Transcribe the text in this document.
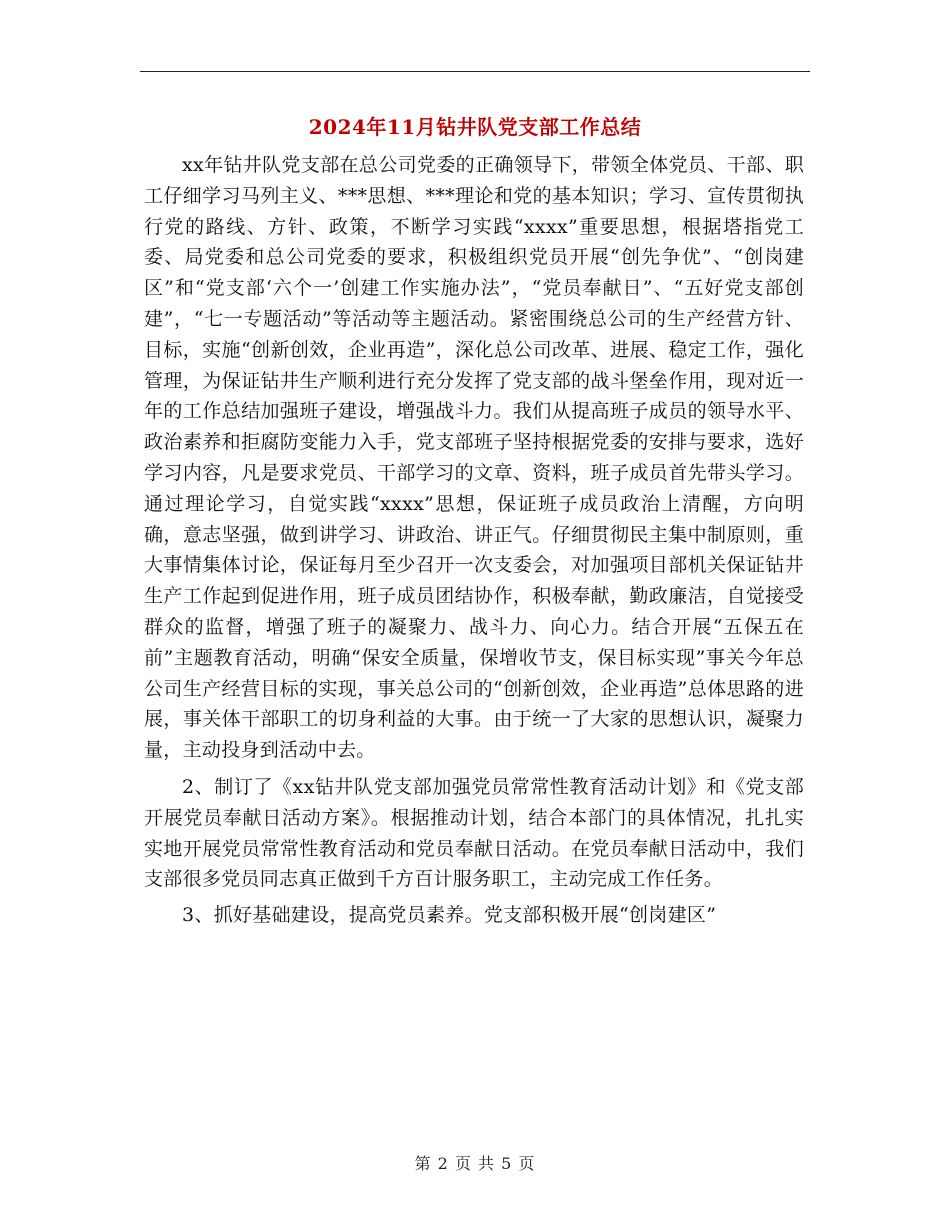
2024年11月钻井队党支部工作总结

xx年钻井队党支部在总公司党委的正确领导下，带领全体党员、干部、职工仔细学习马列主义、***思想、***理论和党的基本知识；学习、宣传贯彻执行党的路线、方针、政策，不断学习实践“xxxx”重要思想，根据塔指党工委、局党委和总公司党委的要求，积极组织党员开展“创先争优”、“创岗建区”和“党支部‘六个一’创建工作实施办法”，“党员奉献日”、“五好党支部创建”，“七一专题活动”等活动等主题活动。紧密围绕总公司的生产经营方针、目标，实施“创新创效，企业再造”，深化总公司改革、进展、稳定工作，强化管理，为保证钻井生产顺利进行充分发挥了党支部的战斗堡垒作用，现对近一年的工作总结加强班子建设，增强战斗力。我们从提高班子成员的领导水平、政治素养和拒腐防变能力入手，党支部班子坚持根据党委的安排与要求，选好学习内容，凡是要求党员、干部学习的文章、资料，班子成员首先带头学习。通过理论学习，自觉实践“xxxx”思想，保证班子成员政治上清醒，方向明确，意志坚强，做到讲学习、讲政治、讲正气。仔细贯彻民主集中制原则，重大事情集体讨论，保证每月至少召开一次支委会，对加强项目部机关保证钻井生产工作起到促进作用，班子成员团结协作，积极奉献，勤政廉洁，自觉接受群众的监督，增强了班子的凝聚力、战斗力、向心力。结合开展“五保五在前”主题教育活动，明确“保安全质量，保增收节支，保目标实现”事关今年总公司生产经营目标的实现，事关总公司的“创新创效，企业再造”总体思路的进展，事关体干部职工的切身利益的大事。由于统一了大家的思想认识，凝聚力量，主动投身到活动中去。

2、制订了《xx钻井队党支部加强党员常常性教育活动计划》和《党支部开展党员奉献日活动方案》。根据推动计划，结合本部门的具体情况，扎扎实实地开展党员常常性教育活动和党员奉献日活动。在党员奉献日活动中，我们支部很多党员同志真正做到千方百计服务职工，主动完成工作任务。

3、抓好基础建设，提高党员素养。党支部积极开展“创岗建区”

第 2 页 共 5 页
